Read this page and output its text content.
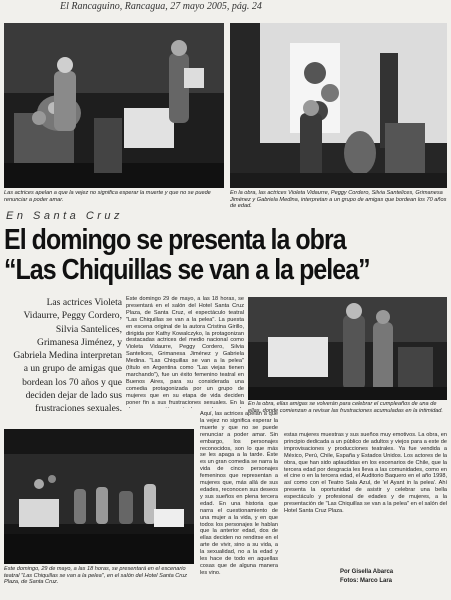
El Rancaguino, Rancagua, 27 mayo 2005, pág. 24
Las actrices apelan a que la vejez no significa esperar la muerte y que no se puede renunciar a poder amar.
En la obra, las actrices Violeta Vidaurre, Peggy Cordero, Silvia Santelices, Grimanesa Jiménez y Gabriela Medina, interpretan a un grupo de amigas que bordean los 70 años de edad.
En Santa Cruz
El domingo se presenta la obra
“Las Chiquillas se van a la pelea”
Las actrices Violeta Vidaurre, Peggy Cordero, Silvia Santelices, Grimanesa Jiménez, y Gabriela Medina interpretan a un grupo de amigas que bordean los 70 años y que deciden dejar de lado sus frustraciones sexuales.
Este domingo 29 de mayo, a las 18 horas, se presentará en el salón del Hotel Santa Cruz Plaza, de Santa Cruz, el espectáculo teatral "Las Chiquillas se van a la pelea". La puesta en escena original de la autora Cristina Girillo, dirigida por Kathy Kowalczyko, la protagonizan destacadas actrices del medio nacional como Violeta Vidaurre, Peggy Cordero, Silvia Santelices, Grimanesa Jiménez y Gabriela Medina. "Las Chiquillas se van a la pelea" (título en Argentina como "Las viejas tienen marchando"), fue un éxito femenino teatral en Buenos Aires, para su considerada una comedia protagonizada por un grupo de mujeres que en su etapa de vida deciden poner fin a sus frustraciones sexuales. En la En la obra, ellas amigas se volverán para celebrar el cumpleaños de una de ellas, donde comienzan a revisar las frustraciones acumuladas en la intimidad.
Aquí, las actrices apelan a que la vejez no significa esperar la muerte y que no se puede renunciar a poder amar. Sin embargo, los personajes reconocidos, son lo que más se les apaga a la tarde. Éste es un gran comedia se narra la vida de cinco personajes femeninos que representan a mujeres que, más allá de sus edades, reconocen sus deseos y sus sueños en plena tercera edad. En una historia que narra el cuestionamiento de una mujer a la vida, y en que todos los personajes le hablan que la anterior edad, dos de ellas deciden no rendirse en el arte de vivir, sino a su vida, a la sexualidad, no a la edad y les hace de todo en aquellas cosas que de alguna manera les vino.
Este domingo, 29 de mayo, a las 18 horas, se presentará en el escenario teatral "Las Chiquillas se van a la pelea", en el salón del Hotel Santa Cruz Plaza, de Santa Cruz.
estas mujeres muestras y sus sueños muy emotivos. La obra, en principio dedicada a un público de adultos y viejos para a este de improvisaciones y producciones teatrales. Ya fue vendida a México, Perú, Chile, España y Estados Unidos. Los actores de la obra, que han sido aplaudidas en los escenarios de Chile, que la tercera edad por desgracia les lleva a las comunidades, como en el cine o en la tercera edad, el Auditorio Baquero en el año 1998, así como con el Teatro Sala Azul, de 'el Ayant in la pelea'. Ahí presenta la oportunidad de asistir y celebrar una bella espectáculo y profesional de edades y de mujeres, a la presentación de "Las Chiquillas se van a la pelea" en el salón del Hotel Santa Cruz Plaza.
Por Gisella Abarca
Fotos: Marco Lara
